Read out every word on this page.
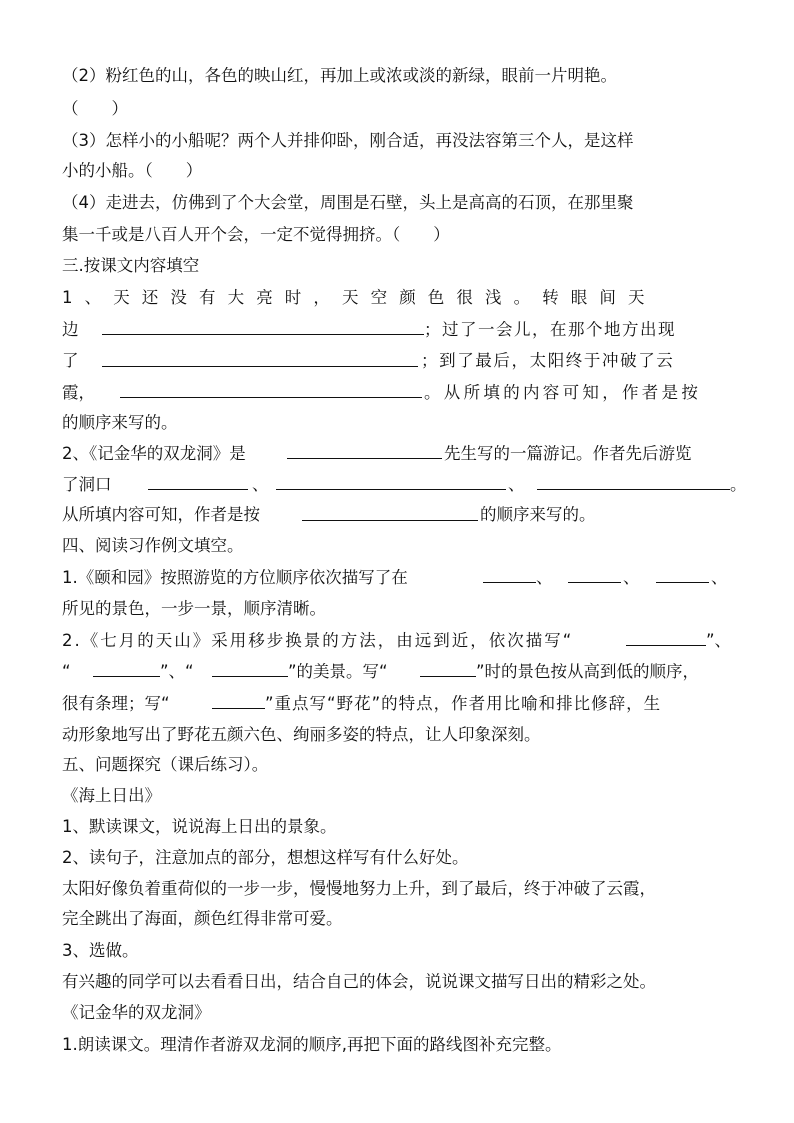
（2）粉红色的山，各色的映山红，再加上或浓或淡的新绿，眼前一片明艳。
（　　）
（3）怎样小的小船呢？两个人并排仰卧，刚合适，再没法容第三个人，是这样
小的小船。（　　）
（4）走进去，仿佛到了个大会堂，周围是石壁，头上是高高的石顶，在那里聚
集一千或是八百人开个会，一定不觉得拥挤。（　　）
三.按课文内容填空
1、天还没有大亮时，天空颜色很浅。转眼间天
边	；过了一会儿，在那个地方出现
了	；到了最后，太阳终于冲破了云
霞，	。从所填的内容可知，作者是按
的顺序来写的。
2、《记金华的双龙洞》是	先生写的一篇游记。作者先后游览
了洞口	、	、	。
从所填内容可知，作者是按	的顺序来写的。
四、阅读习作例文填空。
1.《颐和园》按照游览的方位顺序依次描写了在	、	、	、
所见的景色，一步一景，顺序清晰。
2.《七月的天山》采用移步换景的方法，由远到近，依次描写“	”、
“	”、“	”的美景。写“	”时的景色按从高到低的顺序，
很有条理；写“	”重点写“野花”的特点，作者用比喻和排比修辞，生
动形象地写出了野花五颜六色、绚丽多姿的特点，让人印象深刻。
五、问题探究（课后练习）。
《海上日出》
1、默读课文，说说海上日出的景象。
2、读句子，注意加点的部分，想想这样写有什么好处。
太阳好像负着重荷似的一步一步，慢慢地努力上升，到了最后，终于冲破了云霞，
完全跳出了海面，颜色红得非常可爱。
3、选做。
有兴趣的同学可以去看看日出，结合自己的体会，说说课文描写日出的精彩之处。
《记金华的双龙洞》
1.朗读课文。理清作者游双龙洞的顺序,再把下面的路线图补充完整。
